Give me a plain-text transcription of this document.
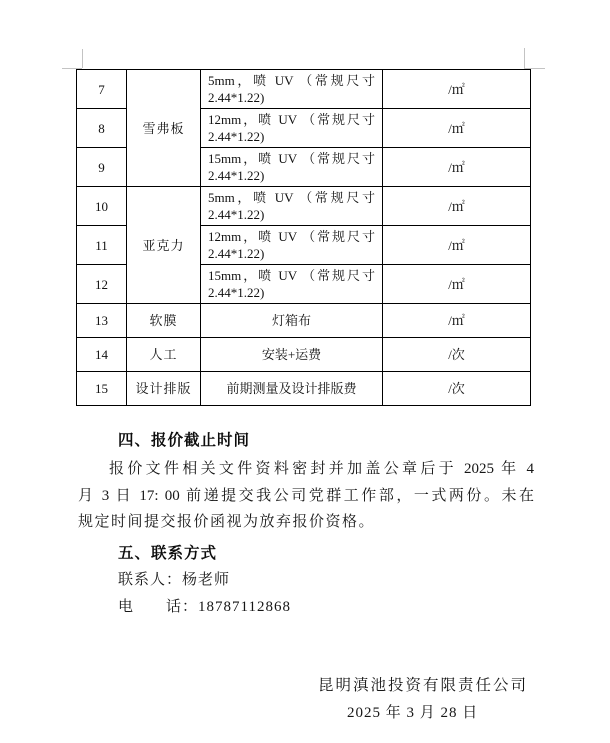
7	雪弗板	5mm，喷 UV （常规尺寸 2.44*1.22)	/㎡
8		12mm，喷 UV （常规尺寸 2.44*1.22)	/㎡
9		15mm，喷 UV （常规尺寸 2.44*1.22)	/㎡
10	亚克力	5mm，喷 UV （常规尺寸 2.44*1.22)	/㎡
11		12mm，喷 UV （常规尺寸 2.44*1.22)	/㎡
12		15mm，喷 UV （常规尺寸 2.44*1.22)	/㎡
13	软膜	灯箱布	/㎡
14	人工	安装+运费	/次
15	设计排版	前期测量及设计排版费	/次
四、报价截止时间
报价文件相关文件资料密封并加盖公章后于 2025 年 4
月 3 日 17: 00 前递提交我公司党群工作部，一式两份。未在
规定时间提交报价函视为放弃报价资格。
五、联系方式
联系人：杨老师
电　　话：18787112868
昆明滇池投资有限责任公司
2025 年 3 月 28 日
